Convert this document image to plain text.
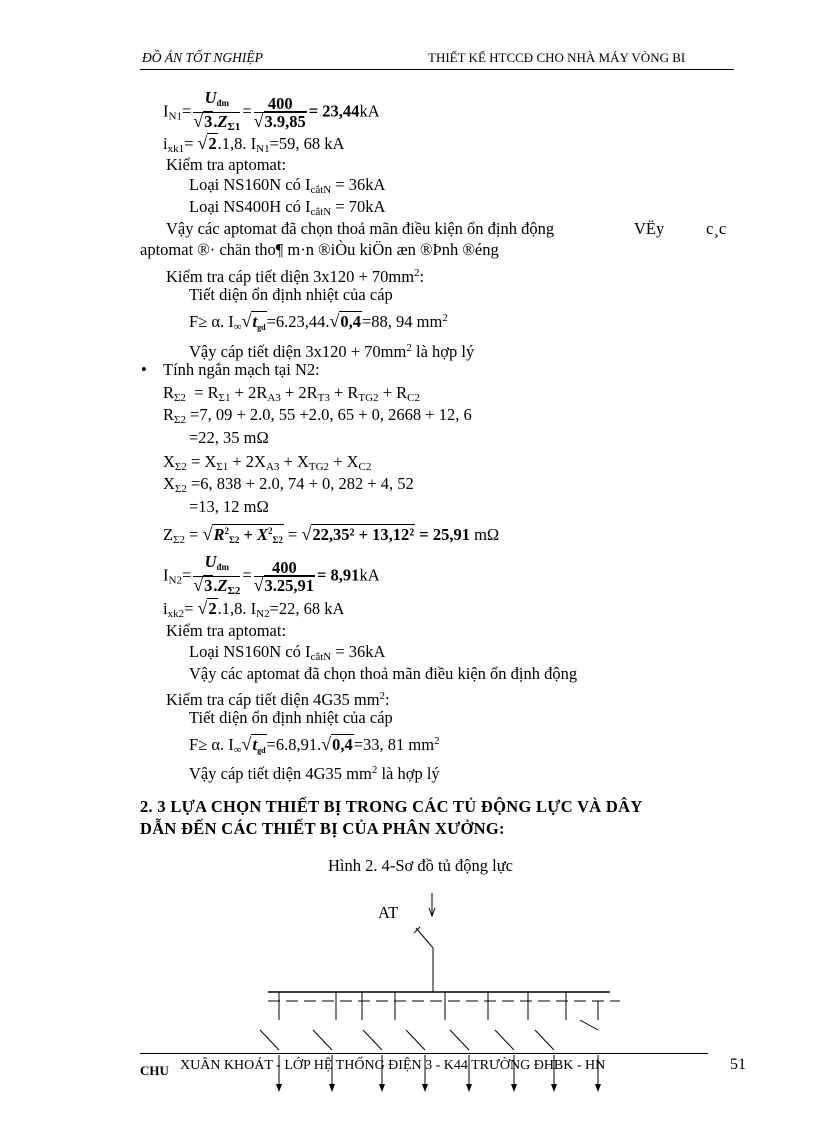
ĐỒ ÁN TỐT NGHIỆP	THIẾT KẾ HTCCĐ CHO NHÀ MÁY VÒNG BI
$I_{N1}= \frac{U_{đm}}{√3.Z_{\Sigma 1}} = \frac{400}{√3.9,85} = 23,44kA$
$i_{xk1}= √2.1,8$. $I_{N1}=59$, 68 kA
Kiểm tra aptomat:
Loại NS160N có $I_{cắtN} = 36kA$
Loại NS400H có $I_{cắtN} = 70kA$
Vậy các aptomat đã chọn thoả mãn điều kiện ổn định động	VËy	c¸c
aptomat ®· chän tho¶ m·n ®iÒu kiÖn æn ®Þnh ®éng
Kiểm tra cáp tiết diện $3x120 + 70mm^2$:
Tiết diện ổn định nhiệt của cáp
F≥ α. $I_\infty√t_{gd}=6.23,44.√0,4=88$, 94 $mm^2$
Vậy cáp tiết diện $3x120 + 70mm^2$ là hợp lý
• Tính ngắn mạch tại N2:
$R_{\Sigma 2} = R_{\Sigma 1} + 2R_{A3} + 2R_{T3} + R_{TG2} + R_{C2}$
$R_{\Sigma 2} =7$, 09 + 2.0, 55 +2.0, 65 + 0, 2668 + 12, 6
=22, 35 mΩ
$X_{\Sigma 2} = X_{\Sigma 1} + 2X_{A3} + X_{TG2} + X_{C2}$
$X_{\Sigma 2} =6$, 838 + 2.0, 74 + 0, 282 + 4, 52
=13, 12 mΩ
$Z_{\Sigma 2} = √R^2_{\Sigma 2} + X^2_{\Sigma 2} = √22,35^2 + 13,12^2 = 25,91$ mΩ
$I_{N2}= \frac{U_{đm}}{√3.Z_{\Sigma 2}} = \frac{400}{√3.25,91} = 8,91kA$
$i_{xk2}= √2.1,8$. $I_{N2}=22$, 68 kA
Kiểm tra aptomat:
Loại NS160N có $I_{cắtN} = 36kA$
Vậy các aptomat đã chọn thoả mãn điều kiện ổn định động
Kiểm tra cáp tiết diện 4G35 $mm^2$:
Tiết diện ổn định nhiệt của cáp
F≥ α. $I_\infty√t_{gd}=6.8,91.√0,4=33$, 81 $mm^2$
Vậy cáp tiết diện 4G35 $mm^2$ là hợp lý
2. 3 LỰA CHỌN THIẾT BỊ TRONG CÁC TỦ ĐỘNG LỰC VÀ DÂY
DẪN ĐẾN CÁC THIẾT BỊ CỦA PHÂN XƯỞNG:
Hình 2. 4-Sơ đồ tủ động lực
AT
CHU XUÂN KHOÁT - LỚP HỆ THỐNG ĐIỆN 3 - K44 TRƯỜNG ĐHBK - HN	51
